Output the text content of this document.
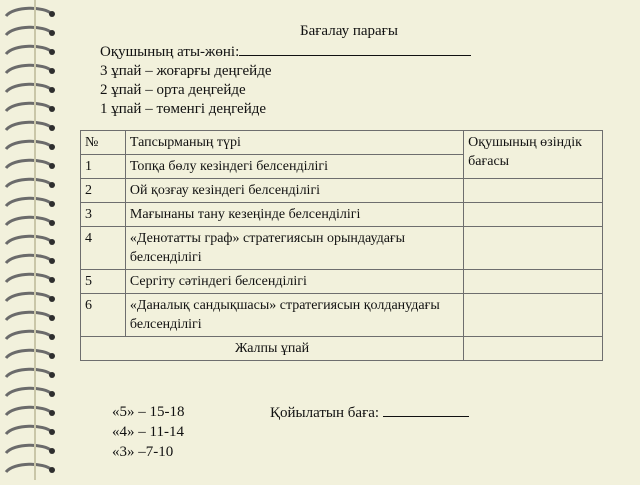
Бағалау парағы
Оқушының аты-жөні:
3 ұпай – жоғарғы деңгейде
2 ұпай – орта деңгейде
1 ұпай – төменгі деңгейде
№	Тапсырманың түрі	Оқушының өзіндік бағасы
1	Топқа бөлу кезіндегі белсенділігі	
2	Ой қозғау кезіндегі белсенділігі	
3	Мағынаны тану кезеңінде белсенділігі	
4	«Денотатты граф» стратегиясын орындаудағы белсенділігі	
5	Сергіту сәтіндегі белсенділігі	
6	«Даналық сандықшасы» стратегиясын қолданудағы белсенділігі	
Жалпы ұпай		
«5» – 15-18
«4» – 11-14
«3» –7-10
Қойылатын баға:
